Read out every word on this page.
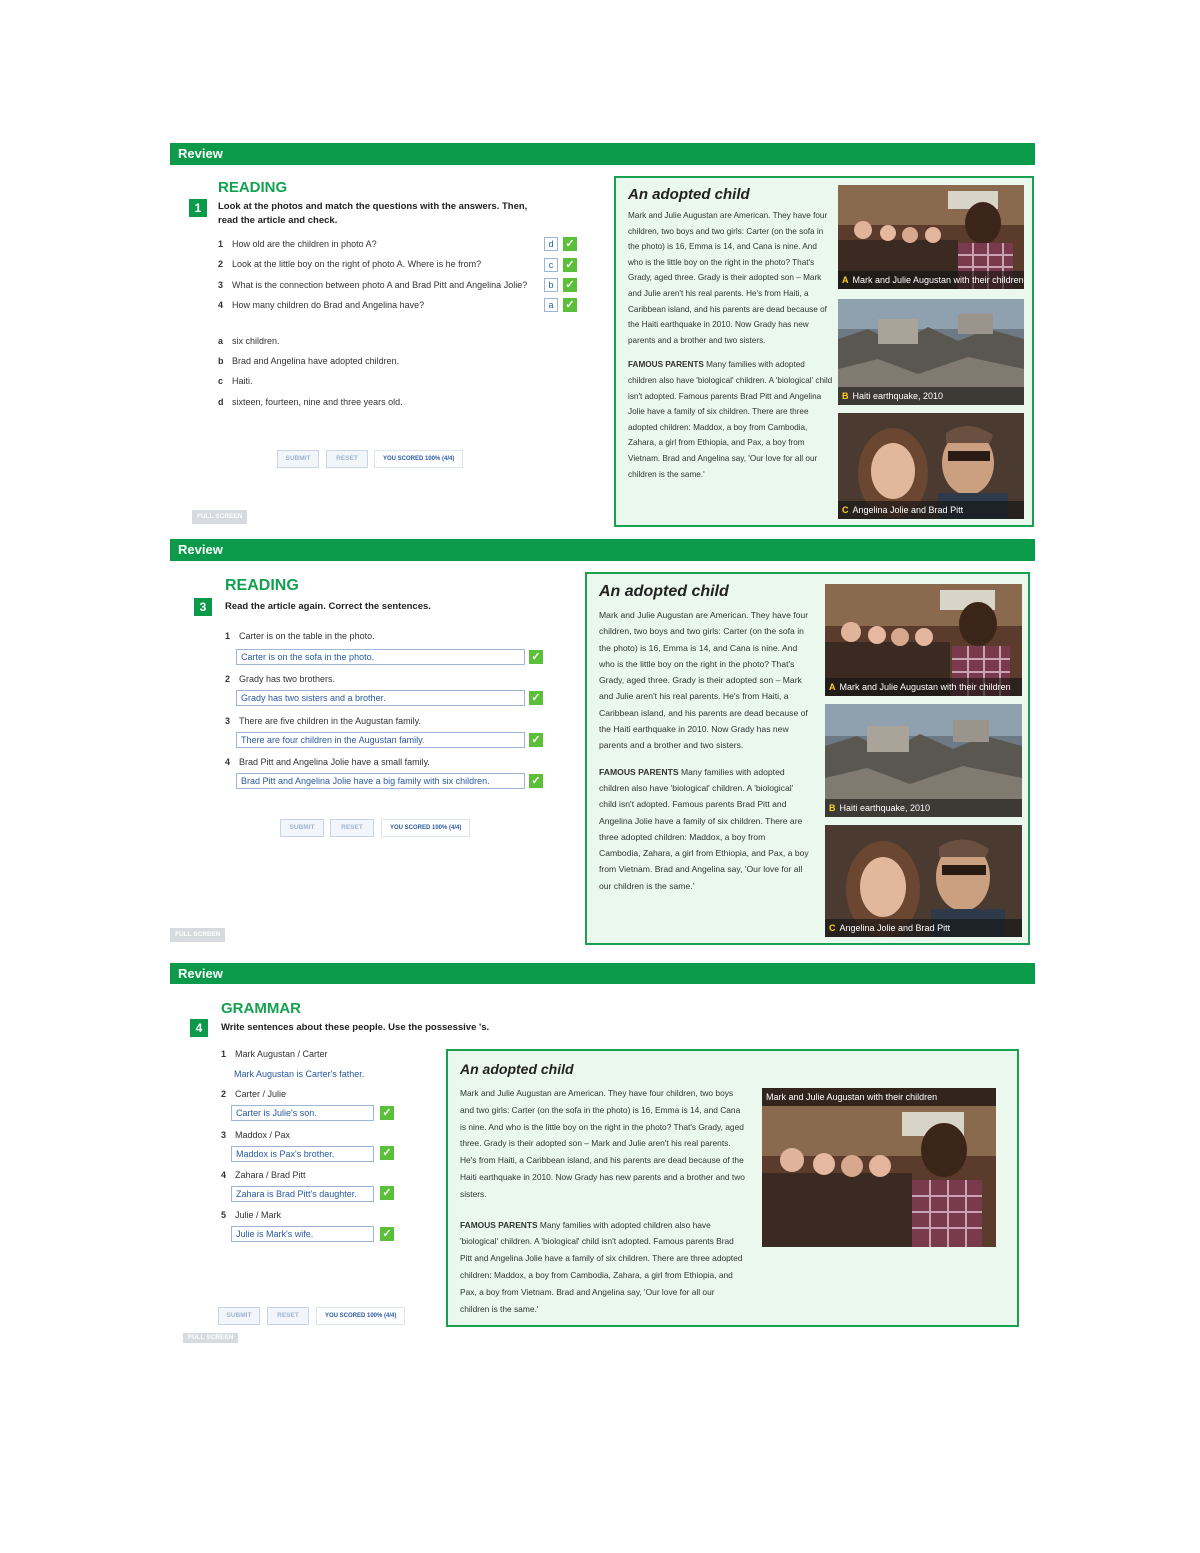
Review
READING
1	Look at the photos and match the questions with the answers. Then, read the article and check.
1 How old are the children in photo A?	d	✓
2 Look at the little boy on the right of photo A. Where is he from?	c	✓
3 What is the connection between photo A and Brad Pitt and Angelina Jolie?	b	✓
4 How many children do Brad and Angelina have?	a	✓
a six children.
b Brad and Angelina have adopted children.
c Haiti.
d sixteen, fourteen, nine and three years old.
SUBMIT	RESET	YOU SCORED 100% (4/4)
FULL SCREEN
An adopted child

Mark and Julie Augustan are American. They have four children, two boys and two girls: Carter (on the sofa in the photo) is 16, Emma is 14, and Cana is nine. And who is the little boy on the right in the photo? That's Grady, aged three. Grady is their adopted son – Mark and Julie aren't his real parents. He's from Haiti, a Caribbean island, and his parents are dead because of the Haiti earthquake in 2010. Now Grady has new parents and a brother and two sisters.

FAMOUS PARENTS Many families with adopted children also have 'biological' children. A 'biological' child isn't adopted. Famous parents Brad Pitt and Angelina Jolie have a family of six children. There are three adopted children: Maddox, a boy from Cambodia, Zahara, a girl from Ethiopia, and Pax, a boy from Vietnam. Brad and Angelina say, 'Our love for all our children is the same.'

A Mark and Julie Augustan with their children
B Haiti earthquake, 2010
C Angelina Jolie and Brad Pitt
Review
READING
3	Read the article again. Correct the sentences.
1 Carter is on the table in the photo.
Carter is on the sofa in the photo.	✓
2 Grady has two brothers.
Grady has two sisters and a brother.	✓
3 There are five children in the Augustan family.
There are four children in the Augustan family.	✓
4 Brad Pitt and Angelina Jolie have a small family.
Brad Pitt and Angelina Jolie have a big family with six children.	✓
SUBMIT	RESET	YOU SCORED 100% (4/4)
FULL SCREEN
An adopted child

Mark and Julie Augustan are American. They have four children, two boys and two girls: Carter (on the sofa in the photo) is 16, Emma is 14, and Cana is nine. And who is the little boy on the right in the photo? That's Grady, aged three. Grady is their adopted son – Mark and Julie aren't his real parents. He's from Haiti, a Caribbean island, and his parents are dead because of the Haiti earthquake in 2010. Now Grady has new parents and a brother and two sisters.

FAMOUS PARENTS Many families with adopted children also have 'biological' children. A 'biological' child isn't adopted. Famous parents Brad Pitt and Angelina Jolie have a family of six children. There are three adopted children: Maddox, a boy from Cambodia, Zahara, a girl from Ethiopia, and Pax, a boy from Vietnam. Brad and Angelina say, 'Our love for all our children is the same.'

A Mark and Julie Augustan with their children
B Haiti earthquake, 2010
C Angelina Jolie and Brad Pitt
Review
GRAMMAR
4	Write sentences about these people. Use the possessive 's.
1 Mark Augustan / Carter
Mark Augustan is Carter's father.
2 Carter / Julie
Carter is Julie's son.	✓
3 Maddox / Pax
Maddox is Pax's brother.	✓
4 Zahara / Brad Pitt
Zahara is Brad Pitt's daughter.	✓
5 Julie / Mark
Julie is Mark's wife.	✓
SUBMIT	RESET	YOU SCORED 100% (4/4)
FULL SCREEN
An adopted child

Mark and Julie Augustan are American. They have four children, two boys and two girls: Carter (on the sofa in the photo) is 16, Emma is 14, and Cana is nine. And who is the little boy on the right in the photo? That's Grady, aged three. Grady is their adopted son – Mark and Julie aren't his real parents. He's from Haiti, a Caribbean island, and his parents are dead because of the Haiti earthquake in 2010. Now Grady has new parents and a brother and two sisters.

FAMOUS PARENTS Many families with adopted children also have 'biological' children. A 'biological' child isn't adopted. Famous parents Brad Pitt and Angelina Jolie have a family of six children. There are three adopted children: Maddox, a boy from Cambodia, Zahara, a girl from Ethiopia, and Pax, a boy from Vietnam. Brad and Angelina say, 'Our love for all our children is the same.'

Mark and Julie Augustan with their children
